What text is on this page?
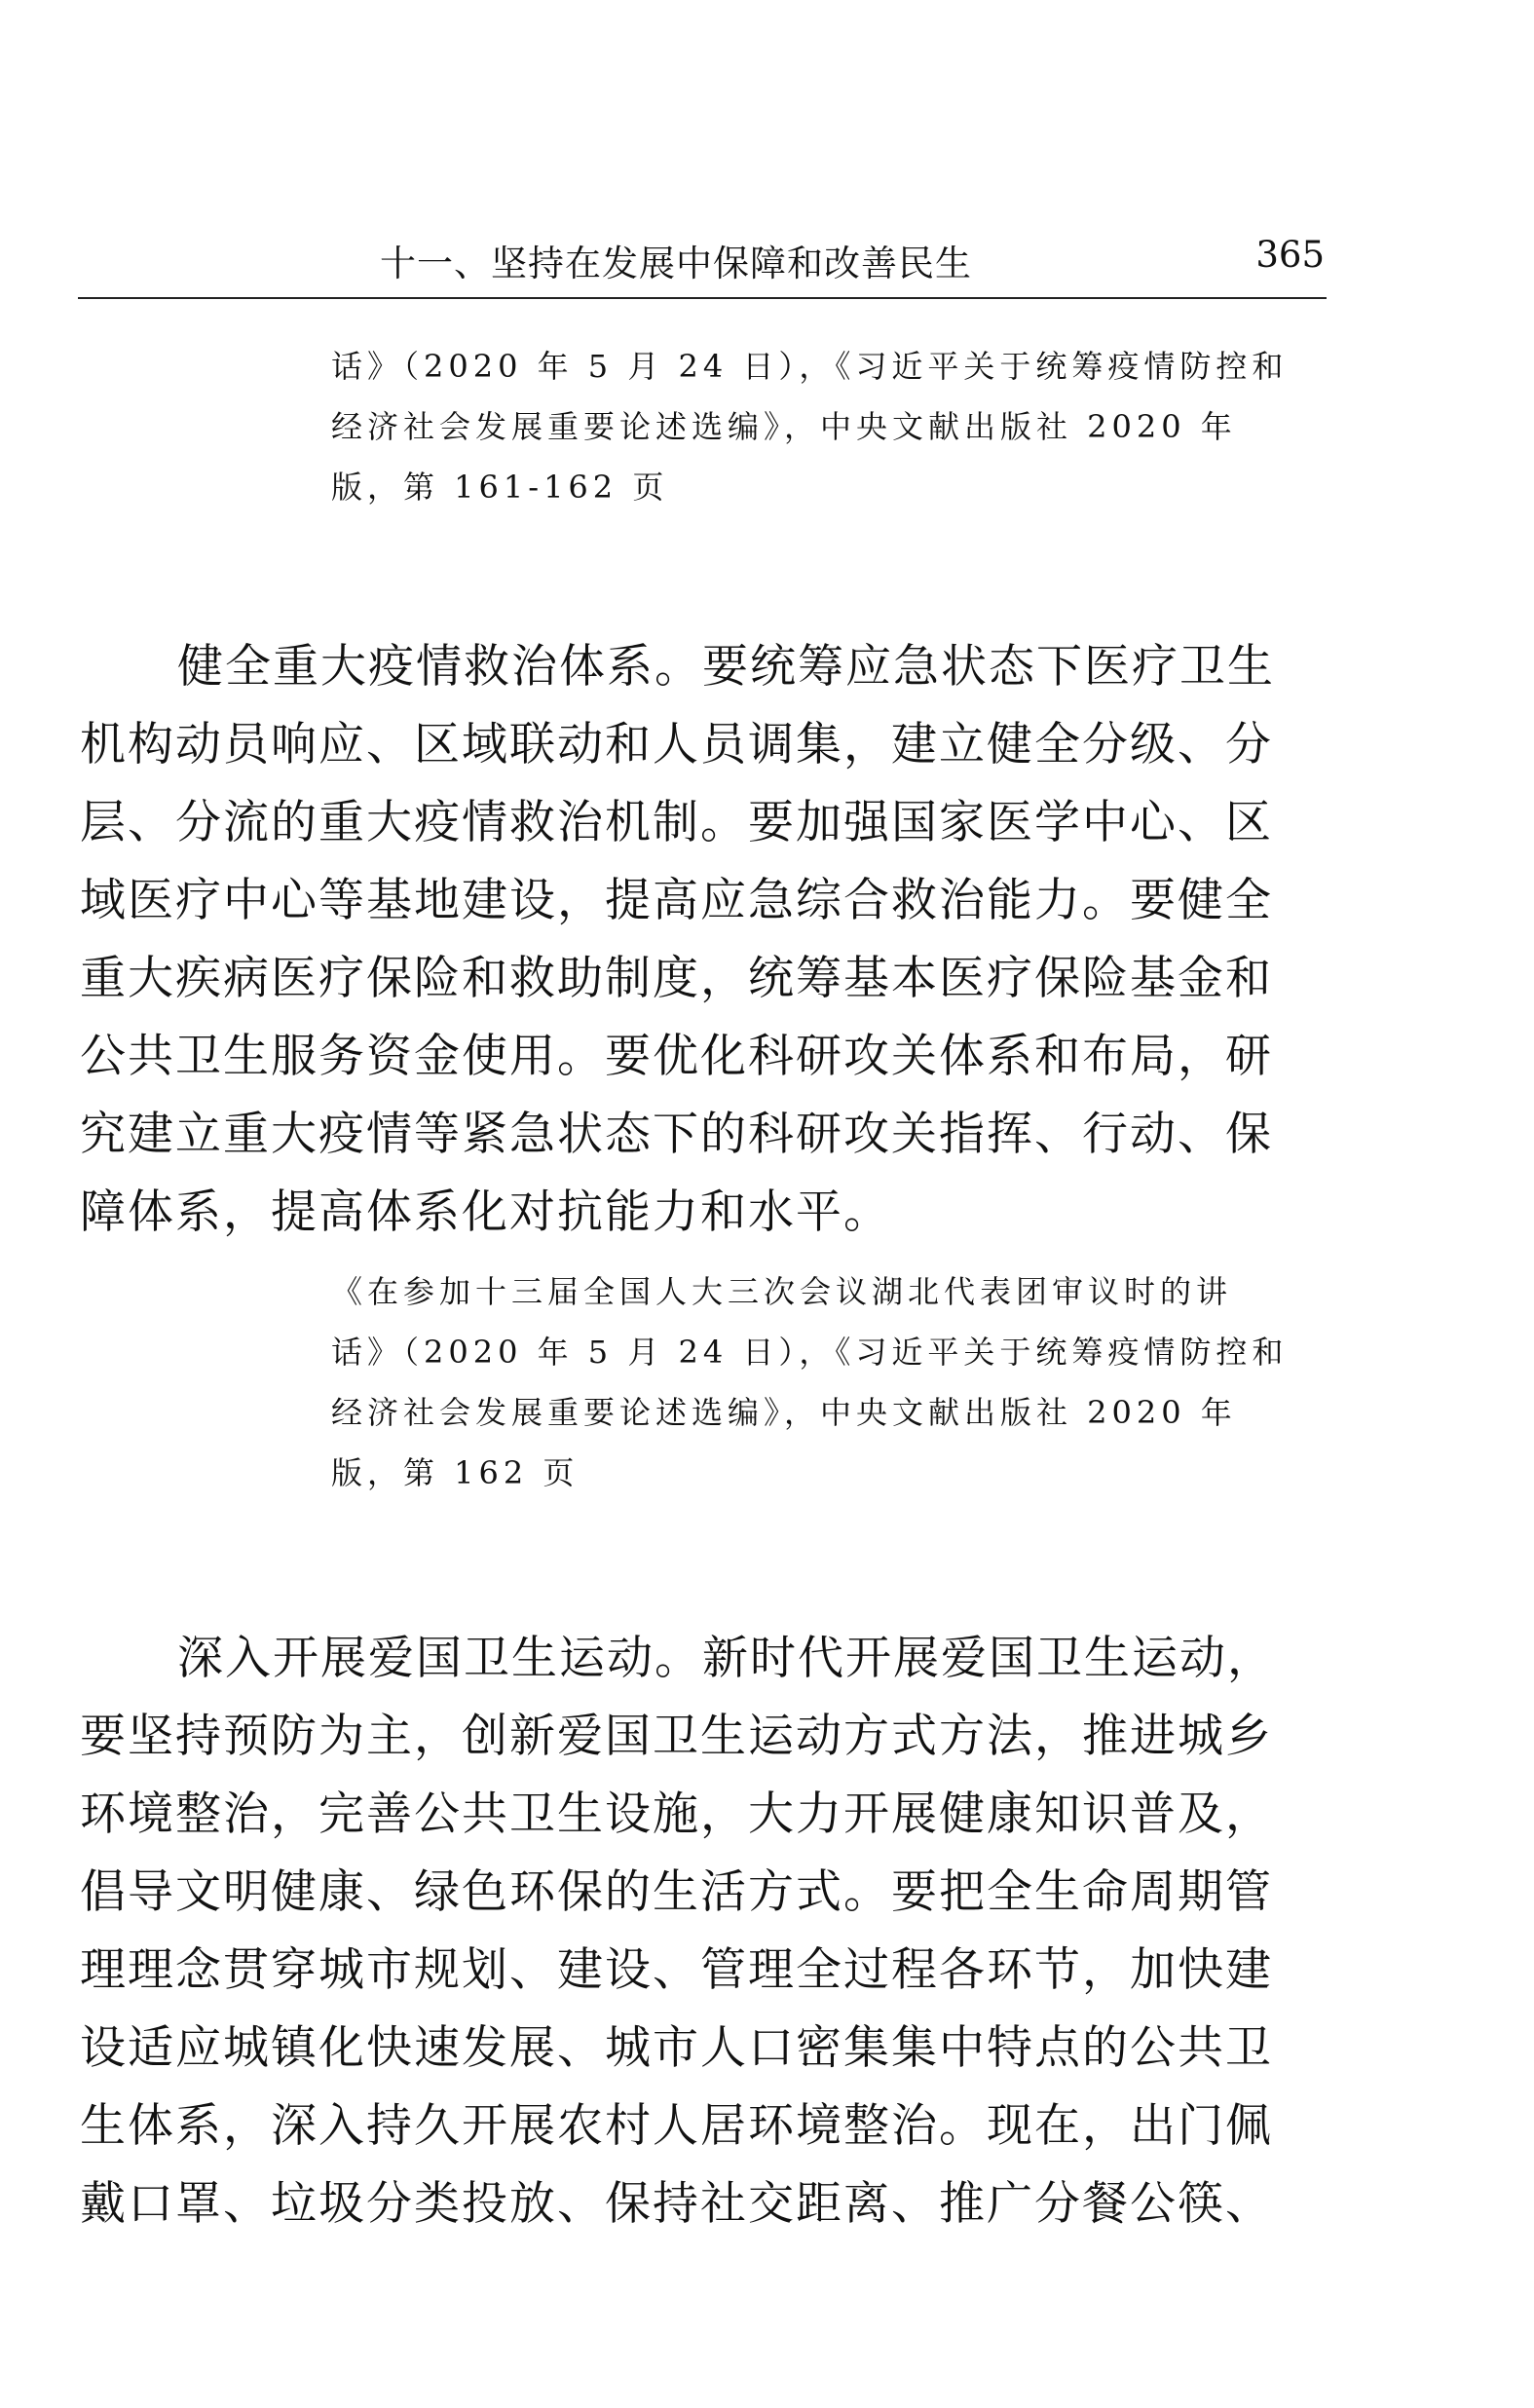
十一、坚持在发展中保障和改善民生	365
话》（2020 年 5 月 24 日），《习近平关于统筹疫情防控和
经济社会发展重要论述选编》，中央文献出版社 2020 年
版，第 161-162 页
健全重大疫情救治体系。要统筹应急状态下医疗卫生
机构动员响应、区域联动和人员调集，建立健全分级、分
层、分流的重大疫情救治机制。要加强国家医学中心、区
域医疗中心等基地建设，提高应急综合救治能力。要健全
重大疾病医疗保险和救助制度，统筹基本医疗保险基金和
公共卫生服务资金使用。要优化科研攻关体系和布局，研
究建立重大疫情等紧急状态下的科研攻关指挥、行动、保
障体系，提高体系化对抗能力和水平。
《在参加十三届全国人大三次会议湖北代表团审议时的讲
话》（2020 年 5 月 24 日），《习近平关于统筹疫情防控和
经济社会发展重要论述选编》，中央文献出版社 2020 年
版，第 162 页
深入开展爱国卫生运动。新时代开展爱国卫生运动，
要坚持预防为主，创新爱国卫生运动方式方法，推进城乡
环境整治，完善公共卫生设施，大力开展健康知识普及，
倡导文明健康、绿色环保的生活方式。要把全生命周期管
理理念贯穿城市规划、建设、管理全过程各环节，加快建
设适应城镇化快速发展、城市人口密集集中特点的公共卫
生体系，深入持久开展农村人居环境整治。现在，出门佩
戴口罩、垃圾分类投放、保持社交距离、推广分餐公筷、
